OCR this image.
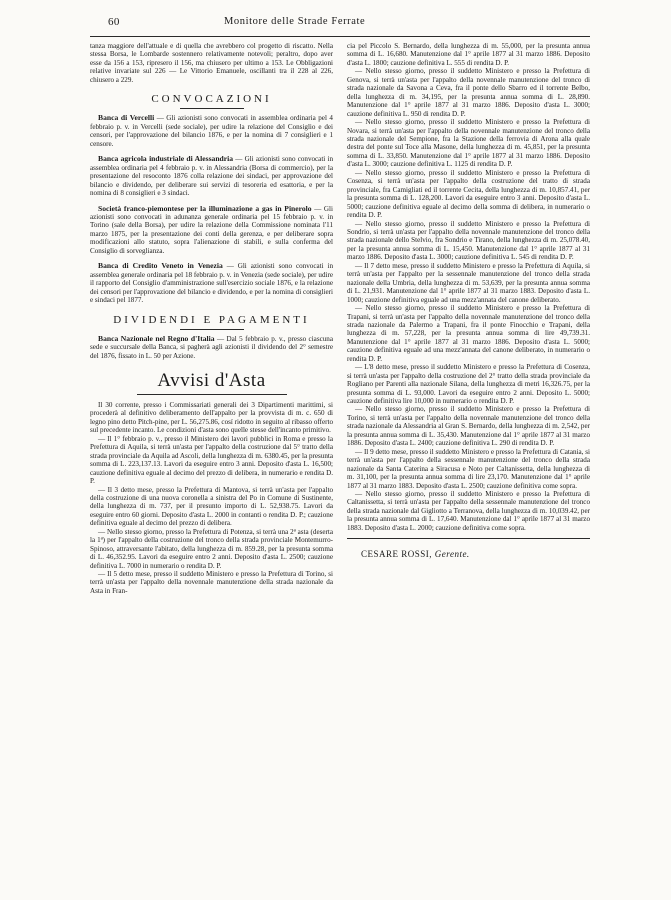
60	Monitore delle Strade Ferrate

tanza maggiore dell'attuale e di quella che avrebbero col progetto di riscatto. Nella stessa Borsa, le Lombarde sostennero relativamente notevoli; peraltro, dopo aver esse da 156 a 153, ripresero il 156, ma chiusero per ultimo a 153. Le Obbligazioni relative invariate sul 226 — Le Vittorio Emanuele, oscillanti tra il 228 al 226, chiusero a 229.

CONVOCAZIONI

Banca di Vercelli — Gli azionisti sono convocati in assemblea ordinaria pel 4 febbraio p. v. in Vercelli (sede sociale), per udire la relazione del Consiglio e dei censori, per l'approvazione del bilancio 1876, e per la nomina di 7 consiglieri e 1 censore.

Banca agricola industriale di Alessandria — Gli azionisti sono convocati in assemblea ordinaria pel 4 febbraio p. v. in Alessandria (Borsa di commercio), per la presentazione del resoconto 1876 colla relazione dei sindaci, per approvazione del bilancio e dividendo, per deliberare sui servizi di tesoreria ed esattoria, e per la nomina di 8 consiglieri e 3 sindaci.

Società franco-piemontese per la illuminazione a gas in Pinerolo — Gli azionisti sono convocati in adunanza generale ordinaria pel 15 febbraio p. v. in Torino (sale della Borsa), per udire la relazione della Commissione nominata l'11 marzo 1875, per la presentazione dei conti della gerenza, e per deliberare sopra modificazioni allo statuto, sopra l'alienazione di stabili, e sulla conferma del Consiglio di sorveglianza.

Banca di Credito Veneto in Venezia — Gli azionisti sono convocati in assemblea generale ordinaria pel 18 febbraio p. v. in Venezia (sede sociale), per udire il rapporto del Consiglio d'amministrazione sull'esercizio sociale 1876, e la relazione dei censori per l'approvazione del bilancio e dividendo, e per la nomina di consiglieri e sindaci pel 1877.

DIVIDENDI E PAGAMENTI

Banca Nazionale nel Regno d'Italia — Dal 5 febbraio p. v., presso ciascuna sede e succursale della Banca, si pagherà agli azionisti il dividendo del 2° semestre del 1876, fissato in L. 50 per Azione.

Avvisi d'Asta

Il 30 corrente, presso i Commissariati generali dei 3 Dipartimenti marittimi, si procederà al definitivo deliberamento dell'appalto per la provvista di m. c. 650 di legno pino detto Pitch-pine, per L. 56,275.86, cosí ridotto in seguito al ribasso offerto sul precedente incanto. Le condizioni d'asta sono quelle stesse dell'incanto primitivo.

— Il 1° febbraio p. v., presso il Ministero dei lavori pubblici in Roma e presso la Prefettura di Aquila, si terrà un'asta per l'appalto della costruzione dal 5° tratto della strada provinciale da Aquila ad Ascoli, della lunghezza di m. 6380.45, per la presunta somma di L. 223,137.13. Lavori da eseguire entro 3 anni. Deposito d'asta L. 16,500; cauzione definitiva eguale al decimo del prezzo di delibera, in numerario e rendita D. P.

— Il 3 detto mese, presso la Prefettura di Mantova, si terrà un'asta per l'appalto della costruzione di una nuova coronella a sinistra del Po in Comune di Sustinente, della lunghezza di m. 737, per il presunto importo di L. 52,938.75. Lavori da eseguire entro 60 giorni. Deposito d'asta L. 2000 in contanti o rendita D. P.; cauzione definitiva eguale al decimo del prezzo di delibera.

— Nello stesso giorno, presso la Prefettura di Potenza, si terrà una 2ª asta (deserta la 1ª) per l'appalto della costruzione del tronco della strada provinciale Montemurro-Spinoso, attraversante l'abitato, della lunghezza di m. 859.28, per la presunta somma di L. 46,352.95. Lavori da eseguire entro 2 anni. Deposito d'asta L. 2500; cauzione definitiva L. 7000 in numerario o rendita D. P.

— Il 5 detto mese, presso il suddetto Ministero e presso la Prefettura di Torino, si terrà un'asta per l'appalto della novennale manutenzione della strada nazionale da Asta in Fran-

cia pel Piccolo S. Bernardo, della lunghezza di m. 55,000, per la presunta annua somma di L. 16,680. Manutenzione dal 1° aprile 1877 al 31 marzo 1886. Deposito d'asta L. 1800; cauzione definitiva L. 555 di rendita D. P.

— Nello stesso giorno, presso il suddetto Ministero e presso la Prefettura di Genova, si terrà un'asta per l'appalto della novennale manutenzione del tronco di strada nazionale da Savona a Ceva, fra il ponte dello Sbarro ed il torrente Belbo, della lunghezza di m. 34,195, per la presunta annua somma di L. 28,890. Manutenzione dal 1° aprile 1877 al 31 marzo 1886. Deposito d'asta L. 3000; cauzione definitiva L. 950 di rendita D. P.

— Nello stesso giorno, presso il suddetto Ministero e presso la Prefettura di Novara, si terrà un'asta per l'appalto della novennale manutenzione del tronco della strada nazionale del Sempione, fra la Stazione della ferrovia di Arona alla quale destra del ponte sul Toce alla Masone, della lunghezza di m. 45,851, per la presunta somma di L. 33,850. Manutenzione dal 1° aprile 1877 al 31 marzo 1886. Deposito d'asta L. 3000; cauzione definitiva L. 1125 di rendita D. P.

— Nello stesso giorno, presso il suddetto Ministero e presso la Prefettura di Cosenza, si terrà un'asta per l'appalto della costruzione del tratto di strada provinciale, fra Camigliati ed il torrente Cecita, della lunghezza di m. 10,857.41, per la presunta somma di L. 128,200. Lavori da eseguire entro 3 anni. Deposito d'asta L. 5000; cauzione definitiva eguale al decimo della somma di delibera, in numerario o rendita D. P.

— Nello stesso giorno, presso il suddetto Ministero e presso la Prefettura di Sondrio, si terrà un'asta per l'appalto della novennale manutenzione del tronco della strada nazionale dello Stelvio, fra Sondrio e Tirano, della lunghezza di m. 25,078.40, per la presunta annua somma di L. 15,450. Manutenzione dal 1° aprile 1877 al 31 marzo 1886. Deposito d'asta L. 3000; cauzione definitiva L. 545 di rendita D. P.

— Il 7 detto mese, presso il suddetto Ministero e presso la Prefettura di Aquila, si terrà un'asta per l'appalto per la sessennale manutenzione del tronco della strada nazionale della Umbria, della lunghezza di m. 53,639, per la presunta annua somma di L. 21,931. Manutenzione dal 1° aprile 1877 al 31 marzo 1883. Deposito d'asta L. 1000; cauzione definitiva eguale ad una mezz'annata del canone deliberato.

— Nello stesso giorno, presso il suddetto Ministero e presso la Prefettura di Trapani, si terrà un'asta per l'appalto della novennale manutenzione del tronco della strada nazionale da Palermo a Trapani, fra il ponte Finocchio e Trapani, della lunghezza di m. 57,228, per la presunta annua somma di lire 49,739.31. Manutenzione dal 1° aprile 1877 al 31 marzo 1886. Deposito d'asta L. 5000; cauzione definitiva eguale ad una mezz'annata del canone deliberato, in numerario o rendita D. P.

— L'8 detto mese, presso il suddetto Ministero e presso la Prefettura di Cosenza, si terrà un'asta per l'appalto della costruzione del 2° tratto della strada provinciale da Rogliano per Parenti alla nazionale Silana, della lunghezza di metri 16,326.75, per la presunta somma di L. 93,000. Lavori da eseguire entro 2 anni. Deposito L. 5000; cauzione definitiva lire 10,000 in numerario o rendita D. P.

— Nello stesso giorno, presso il suddetto Ministero e presso la Prefettura di Torino, si terrà un'asta per l'appalto della novennale manutenzione del tronco della strada nazionale da Alessandria al Gran S. Bernardo, della lunghezza di m. 2,542, per la presunta annua somma di L. 35,430. Manutenzione dal 1° aprile 1877 al 31 marzo 1886. Deposito d'asta L. 2400; cauzione definitiva L. 290 di rendita D. P.

— Il 9 detto mese, presso il suddetto Ministero e presso la Prefettura di Catania, si terrà un'asta per l'appalto della sessennale manutenzione del tronco della strada nazionale da Santa Caterina a Siracusa e Noto per Caltanissetta, della lunghezza di m. 31,100, per la presunta annua somma di lire 23,170. Manutenzione dal 1° aprile 1877 al 31 marzo 1883. Deposito d'asta L. 2500; cauzione definitiva come sopra.

— Nello stesso giorno, presso il suddetto Ministero e presso la Prefettura di Caltanissetta, si terrà un'asta per l'appalto della sessennale manutenzione del tronco della strada nazionale dal Gigliotto a Terranova, della lunghezza di m. 10,039.42, per la presunta annua somma di L. 17,640. Manutenzione dal 1° aprile 1877 al 31 marzo 1883. Deposito d'asta L. 2000; cauzione definitiva come sopra.

CESARE ROSSI, Gerente.
